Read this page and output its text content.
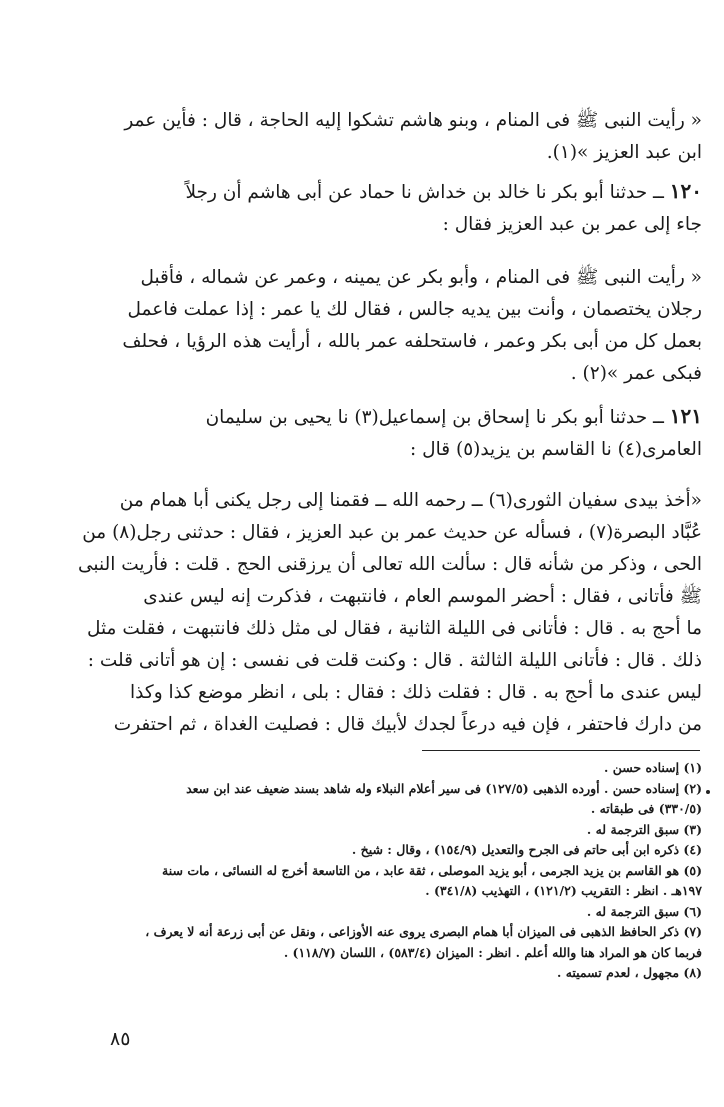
« رأيت النبى ﷺ فى المنام ، وبنو هاشم تشكوا إليه الحاجة ، قال : فأين عمر
ابن عبد العزيز »(١).
١٢٠ ــ حدثنا أبو بكر نا خالد بن خداش نا حماد عن أبى هاشم أن رجلاً
جاء إلى عمر بن عبد العزيز فقال :
« رأيت النبى ﷺ فى المنام ، وأبو بكر عن يمينه ، وعمر عن شماله ، فأقبل
رجلان يختصمان ، وأنت بين يديه جالس ، فقال لك يا عمر : إذا عملت فاعمل
بعمل كل من أبى بكر وعمر ، فاستحلفه عمر بالله ، أرأيت هذه الرؤيا ، فحلف
فبكى عمر »(٢) .
١٢١ ــ حدثنا أبو بكر نا إسحاق بن إسماعيل(٣) نا يحيى بن سليمان
العامرى(٤) نا القاسم بن يزيد(٥) قال :
«أخذ بيدى سفيان الثورى(٦) ــ رحمه الله ــ فقمنا إلى رجل يكنى أبا همام من
عُبَّاد البصرة(٧) ، فسأله عن حديث عمر بن عبد العزيز ، فقال : حدثنى رجل(٨) من
الحى ، وذكر من شأنه قال : سألت الله تعالى أن يرزقنى الحج . قلت : فأريت النبى
ﷺ فأتانى ، فقال : أحضر الموسم العام ، فانتبهت ، فذكرت إنه ليس عندى
ما أحج به . قال : فأتانى فى الليلة الثانية ، فقال لى مثل ذلك فانتبهت ، فقلت مثل
ذلك . قال : فأتانى الليلة الثالثة . قال : وكنت قلت فى نفسى : إن هو أتانى قلت :
ليس عندى ما أحج به . قال : فقلت ذلك : فقال : بلى ، انظر موضع كذا وكذا
من دارك فاحتفر ، فإن فيه درعاً لجدك لأبيك قال : فصليت الغداة ، ثم احتفرت
(١) إسناده حسن .
(٢) إسناده حسن . أورده الذهبى (١٢٧/٥) فى سير أعلام النبلاء وله شاهد بسند ضعيف عند ابن سعد
(٣٣٠/٥) فى طبقاته .
(٣) سبق الترجمة له .
(٤) ذكره ابن أبى حاتم فى الجرح والتعديل (١٥٤/٩) ، وقال : شيخ .
(٥) هو القاسم بن يزيد الجرمى ، أبو يزيد الموصلى ، ثقة عابد ، من التاسعة أخرج له النسائى ، مات سنة
١٩٧هـ . انظر : التقريب (١٢١/٢) ، التهذيب (٣٤١/٨) .
(٦) سبق الترجمة له .
(٧) ذكر الحافظ الذهبى فى الميزان أبا همام البصرى يروى عنه الأوزاعى ، ونقل عن أبى زرعة أنه لا يعرف ،
فربما كان هو المراد هنا والله أعلم . انظر : الميزان (٥٨٣/٤) ، اللسان (١١٨/٧) .
(٨) مجهول ، لعدم تسميته .
٨٥
